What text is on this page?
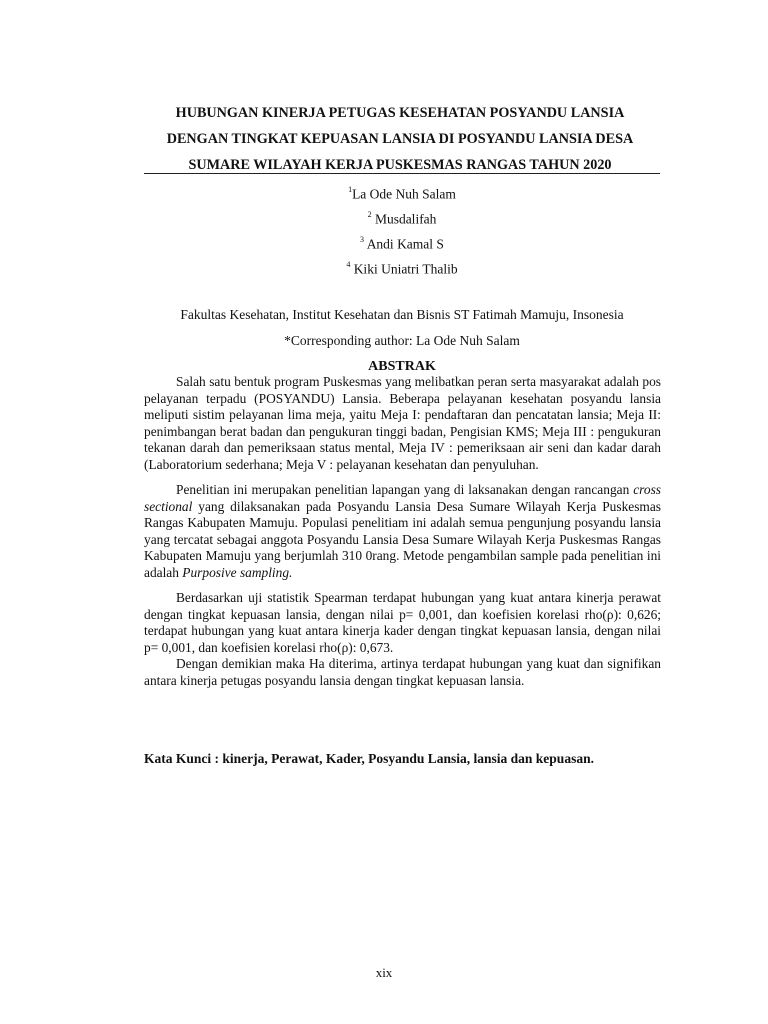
HUBUNGAN KINERJA PETUGAS KESEHATAN POSYANDU LANSIA
DENGAN TINGKAT KEPUASAN LANSIA DI POSYANDU LANSIA DESA
SUMARE WILAYAH KERJA PUSKESMAS RANGAS TAHUN 2020
$^1$La Ode Nuh Salam
$^2$ Musdalifah
$^3$ Andi Kamal S
$^4$ Kiki Uniatri Thalib
Fakultas Kesehatan, Institut Kesehatan dan Bisnis ST Fatimah Mamuju, Insonesia
*Corresponding author: La Ode Nuh Salam
ABSTRAK

Salah satu bentuk program Puskesmas yang melibatkan peran serta masyarakat adalah pos pelayanan terpadu (POSYANDU) Lansia. Beberapa pelayanan kesehatan posyandu lansia meliputi sistim pelayanan lima meja, yaitu Meja I: pendaftaran dan pencatatan lansia; Meja II: penimbangan berat badan dan pengukuran tinggi badan, Pengisian KMS; Meja III : pengukuran tekanan darah dan pemeriksaan status mental, Meja IV : pemeriksaan air seni dan kadar darah (Laboratorium sederhana; Meja V : pelayanan kesehatan dan penyuluhan.

Penelitian ini merupakan penelitian lapangan yang di laksanakan dengan rancangan cross sectional yang dilaksanakan pada Posyandu Lansia Desa Sumare Wilayah Kerja Puskesmas Rangas Kabupaten Mamuju. Populasi penelitiam ini adalah semua pengunjung posyandu lansia yang tercatat sebagai anggota Posyandu Lansia Desa Sumare Wilayah Kerja Puskesmas Rangas Kabupaten Mamuju yang berjumlah 310 0rang. Metode pengambilan sample pada penelitian ini adalah Purposive sampling.

Berdasarkan uji statistik Spearman terdapat hubungan yang kuat antara kinerja perawat dengan tingkat kepuasan lansia, dengan nilai p= 0,001, dan koefisien korelasi rho(ρ): 0,626; terdapat hubungan yang kuat antara kinerja kader dengan tingkat kepuasan lansia, dengan nilai p= 0,001, dan koefisien korelasi rho(ρ): 0,673.

Dengan demikian maka Ha diterima, artinya terdapat hubungan yang kuat dan signifikan antara kinerja petugas posyandu lansia dengan tingkat kepuasan lansia.

Kata Kunci : kinerja, Perawat, Kader, Posyandu Lansia, lansia dan kepuasan.
xix
